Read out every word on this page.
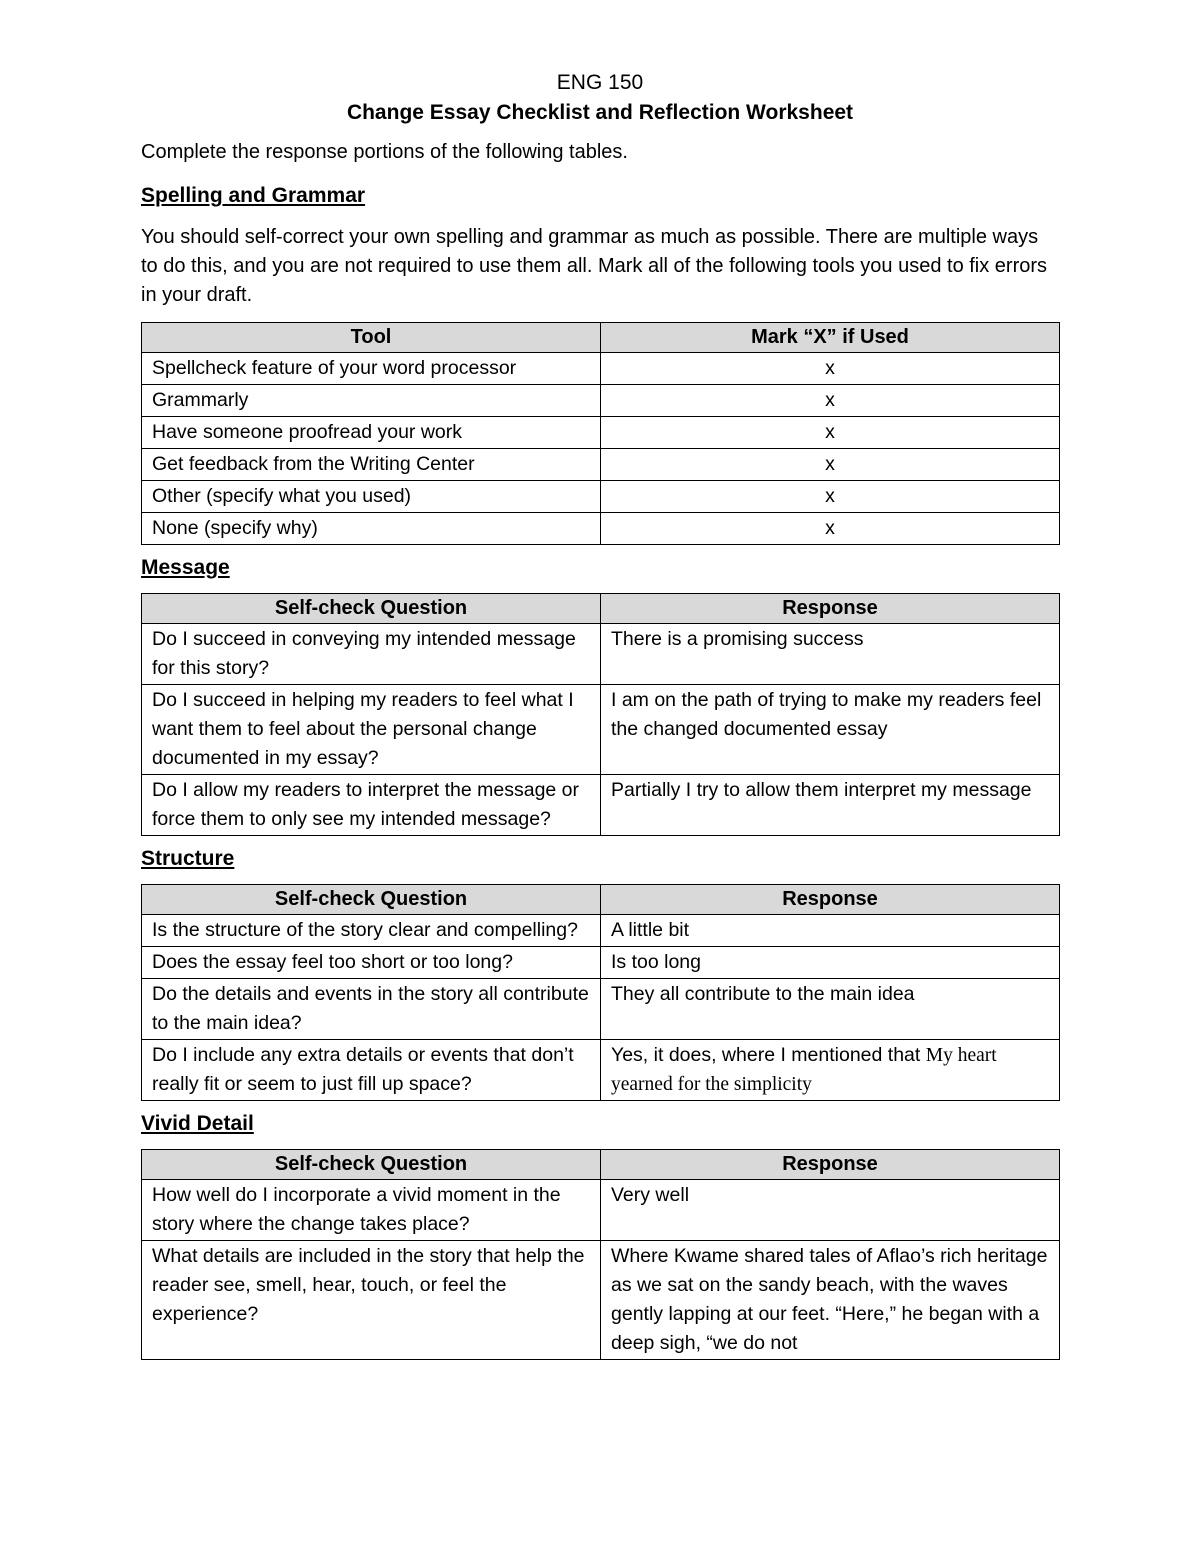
ENG 150
Change Essay Checklist and Reflection Worksheet

Complete the response portions of the following tables.

Spelling and Grammar

You should self-correct your own spelling and grammar as much as possible. There are multiple ways to do this, and you are not required to use them all. Mark all of the following tools you used to fix errors in your draft.

Tool	Mark “X” if Used
Spellcheck feature of your word processor	x
Grammarly	x
Have someone proofread your work	x
Get feedback from the Writing Center	x
Other (specify what you used)	x
None (specify why)	x
Message
Self-check Question	Response
Do I succeed in conveying my intended message for this story?	There is a promising success
Do I succeed in helping my readers to feel what I want them to feel about the personal change documented in my essay?	I am on the path of trying to make my readers feel the changed documented essay
Do I allow my readers to interpret the message or force them to only see my intended message?	Partially I try to allow them interpret my message
Structure
Self-check Question	Response
Is the structure of the story clear and compelling?	A little bit
Does the essay feel too short or too long?	Is too long
Do the details and events in the story all contribute to the main idea?	They all contribute to the main idea
Do I include any extra details or events that don’t really fit or seem to just fill up space?	Yes, it does, where I mentioned that My heart yearned for the simplicity
Vivid Detail
Self-check Question	Response
How well do I incorporate a vivid moment in the story where the change takes place?	Very well
What details are included in the story that help the reader see, smell, hear, touch, or feel the experience?	Where Kwame shared tales of Aflao’s rich heritage as we sat on the sandy beach, with the waves gently lapping at our feet. “Here,” he began with a deep sigh, “we do not
